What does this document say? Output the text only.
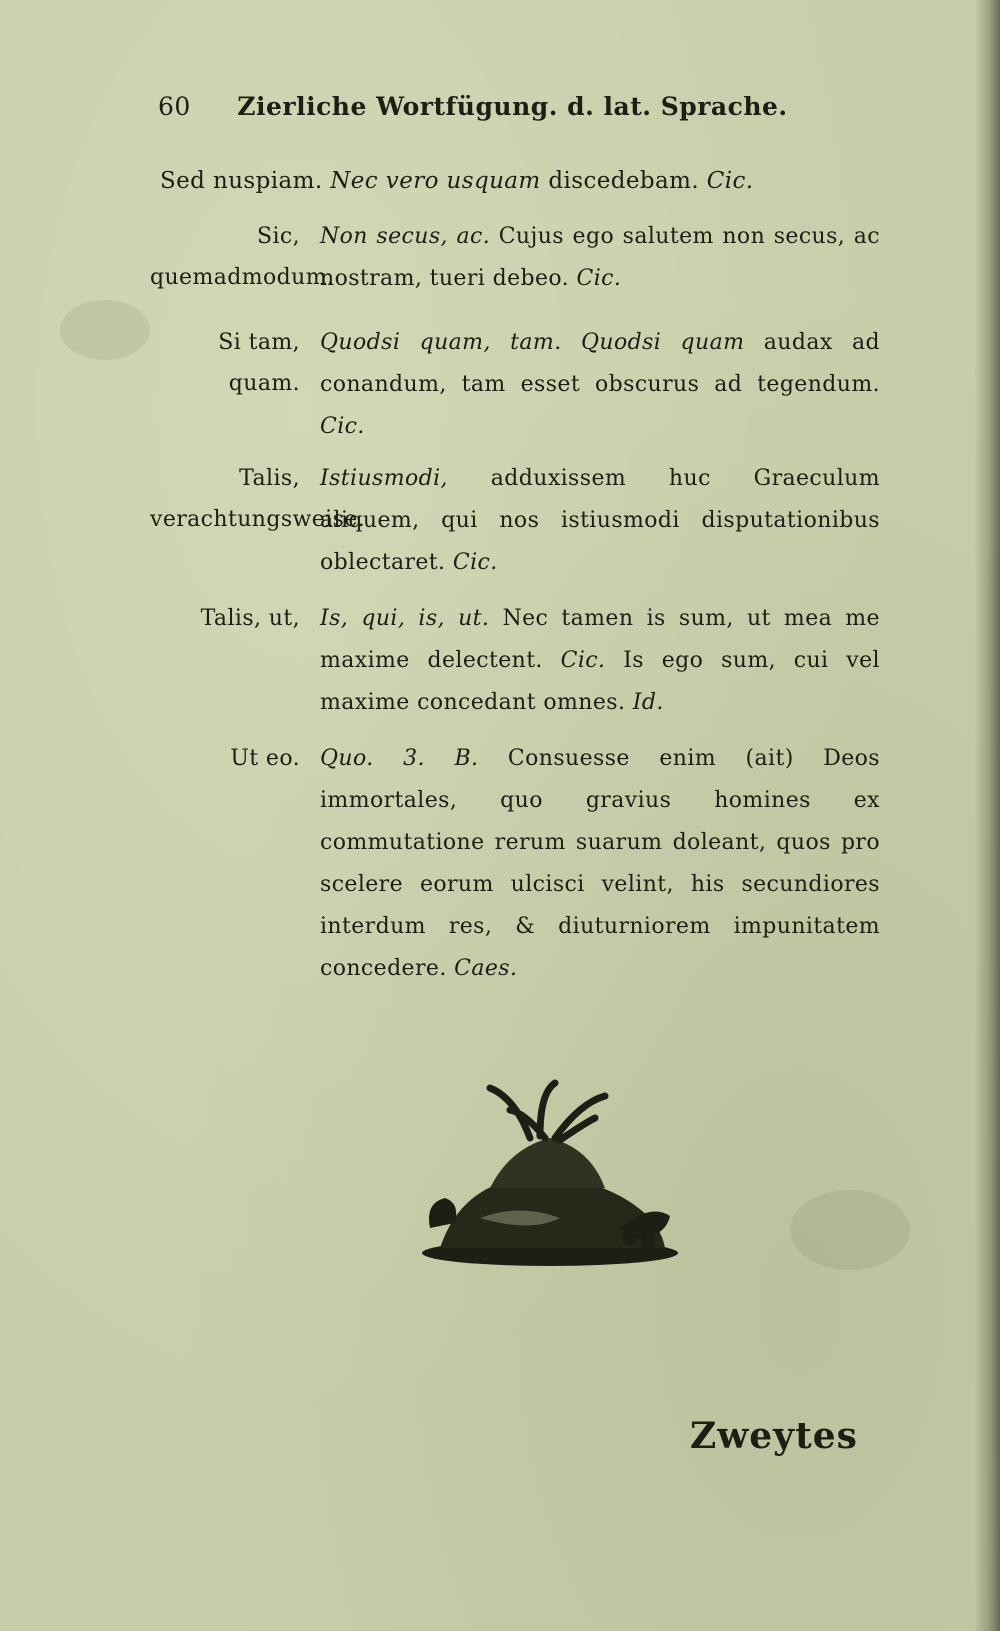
60 Zierliche Wortfügung. d. lat. Sprache.
Sed nuspiam. Nec vero usquam discedebam. Cic.
Sic, quemadmodum.
Non secus, ac. Cujus ego salutem non secus, ac nostram, tueri debeo. Cic.
Si tam, quam.
Quodsi quam, tam. Quodsi quam audax ad conandum, tam esset obscurus ad tegendum. Cic.
Talis, verachtungsweise.
Istiusmodi, adduxissem huc Graeculum aliquem, qui nos istiusmodi disputationibus oblectaret. Cic.
Talis, ut, Is, qui, is, ut. Nec tamen is sum, ut mea me maxime delectent. Cic. Is ego sum, cui vel maxime concedant omnes. Id.
Ut eo. Quo. 3. B. Consuesse enim (ait) Deos immortales, quo gravius homines ex commutatione rerum suarum doleant, quos pro scelere eorum ulcisci velint, his secundiores interdum res, & diuturniorem impunitatem concedere. Caes.
Zweytes
